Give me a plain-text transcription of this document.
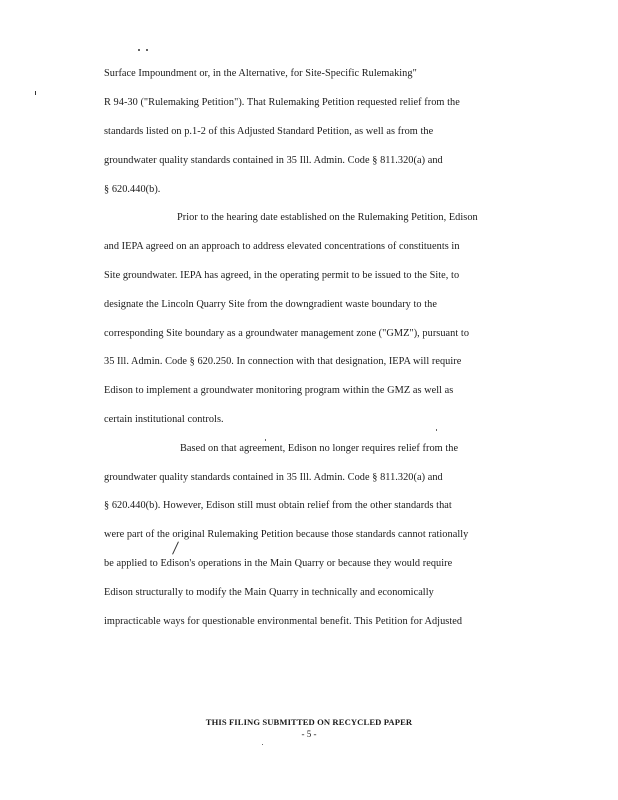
Surface Impoundment or, in the Alternative, for Site-Specific Rulemaking"
R 94-30 ("Rulemaking Petition"). That Rulemaking Petition requested relief from the
standards listed on p.1-2 of this Adjusted Standard Petition, as well as from the
groundwater quality standards contained in 35 Ill. Admin. Code § 811.320(a) and
§ 620.440(b).
Prior to the hearing date established on the Rulemaking Petition, Edison
and IEPA agreed on an approach to address elevated concentrations of constituents in
Site groundwater. IEPA has agreed, in the operating permit to be issued to the Site, to
designate the Lincoln Quarry Site from the downgradient waste boundary to the
corresponding Site boundary as a groundwater management zone ("GMZ"), pursuant to
35 Ill. Admin. Code § 620.250. In connection with that designation, IEPA will require
Edison to implement a groundwater monitoring program within the GMZ as well as
certain institutional controls.
Based on that agreement, Edison no longer requires relief from the
groundwater quality standards contained in 35 Ill. Admin. Code § 811.320(a) and
§ 620.440(b). However, Edison still must obtain relief from the other standards that
were part of the original Rulemaking Petition because those standards cannot rationally
be applied to Edison's operations in the Main Quarry or because they would require
Edison structurally to modify the Main Quarry in technically and economically
impracticable ways for questionable environmental benefit. This Petition for Adjusted
THIS FILING SUBMITTED ON RECYCLED PAPER
- 5 -
